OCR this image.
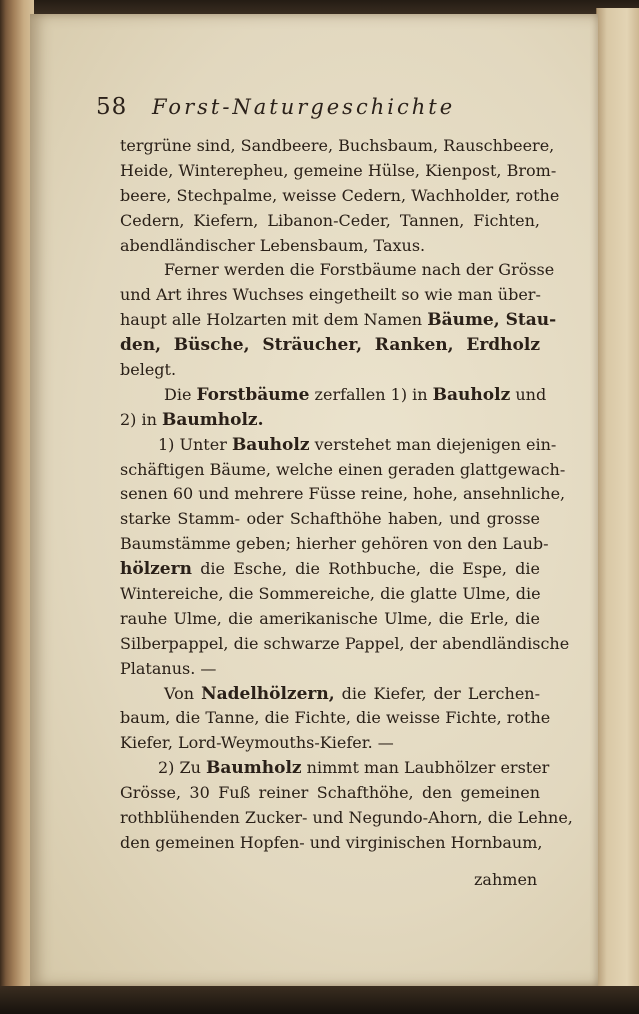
58 Forst-Naturgeschichte
tergrüne sind, Sandbeere, Buchsbaum, Rauschbeere,
Heide, Winterepheu, gemeine Hülse, Kienpost, Brom-
beere, Stechpalme, weisse Cedern, Wachholder, rothe
Cedern, Kiefern, Libanon-Ceder, Tannen, Fichten,
abendländischer Lebensbaum, Taxus.
Ferner werden die Forstbäume nach der Grösse
und Art ihres Wuchses eingetheilt so wie man über-
haupt alle Holzarten mit dem Namen Bäume, Stau-
den, Büsche, Sträucher, Ranken, Erdholz
belegt.
Die Forstbäume zerfallen 1) in Bauholz und
2) in Baumholz.
1) Unter Bauholz verstehet man diejenigen ein-
schäftigen Bäume, welche einen geraden glattgewach-
senen 60 und mehrere Füsse reine, hohe, ansehnliche,
starke Stamm- oder Schafthöhe haben, und grosse
Baumstämme geben; hierher gehören von den Laub-
hölzern die Esche, die Rothbuche, die Espe, die
Wintereiche, die Sommereiche, die glatte Ulme, die
rauhe Ulme, die amerikanische Ulme, die Erle, die
Silberpappel, die schwarze Pappel, der abendländische
Platanus. —
Von Nadelhölzern, die Kiefer, der Lerchen-
baum, die Tanne, die Fichte, die weisse Fichte, rothe
Kiefer, Lord-Weymouths-Kiefer. —
2) Zu Baumholz nimmt man Laubhölzer erster
Grösse, 30 Fuß reiner Schafthöhe, den gemeinen
rothblühenden Zucker- und Negundo-Ahorn, die Lehne,
den gemeinen Hopfen- und virginischen Hornbaum,
zahmen
